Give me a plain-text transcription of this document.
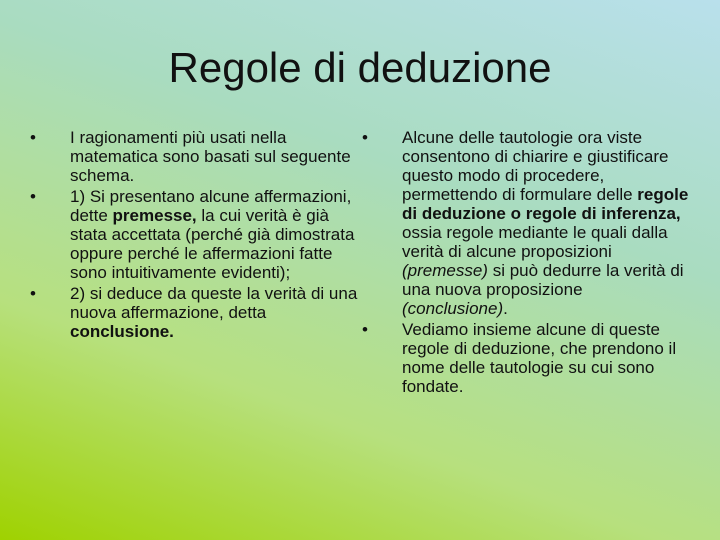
Regole di deduzione
• I ragionamenti più usati nella matematica sono basati sul seguente schema.
• 1) Si presentano alcune affermazioni, dette premesse, la cui verità è già stata accettata (perché già dimostrata oppure perché le affermazioni fatte sono intuitivamente evidenti);
• 2) si deduce da queste la verità di una nuova affermazione, detta conclusione.
• Alcune delle tautologie ora viste consentono di chiarire e giustificare questo modo di procedere, permettendo di formulare delle regole di deduzione o regole di inferenza, ossia regole mediante le quali dalla verità di alcune proposizioni (premesse) si può dedurre la verità di una nuova proposizione (conclusione).
• Vediamo insieme alcune di queste regole di deduzione, che prendono il nome delle tautologie su cui sono fondate.
